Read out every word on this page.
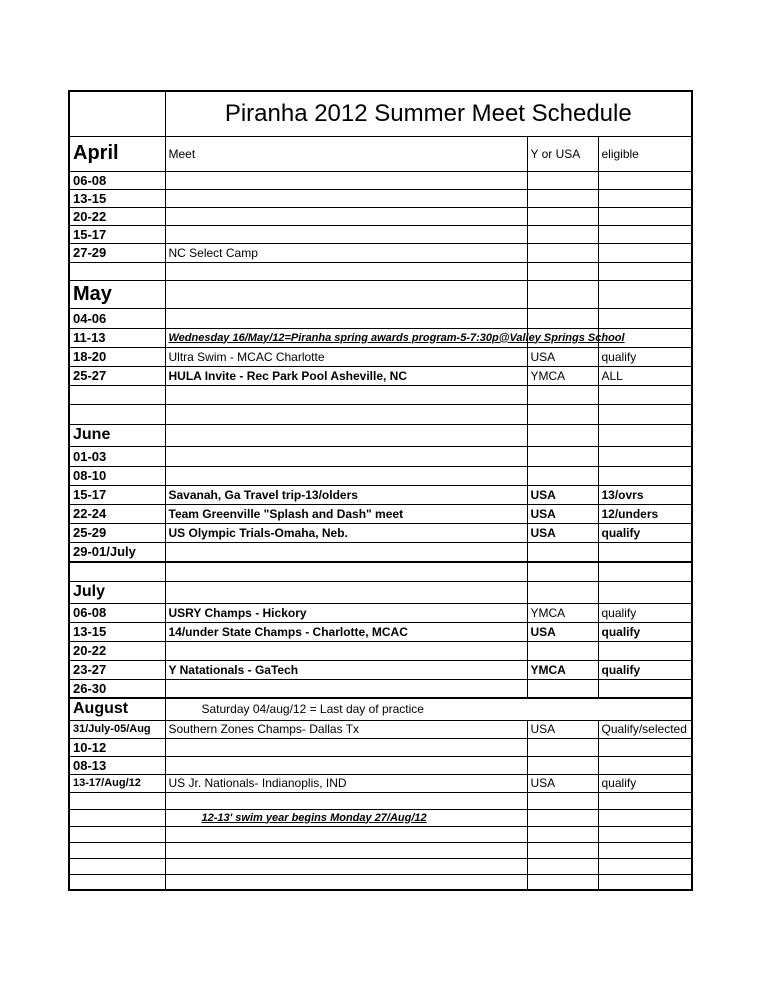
	Piranha 2012 Summer Meet Schedule		
April	Meet	Y or USA	eligible
06-08			
13-15			
20-22			
15-17			
27-29	NC Select Camp		

May			
04-06			
11-13	Wednesday 16/May/12=Piranha spring awards program-5-7:30p@Valley Springs School		
18-20	Ultra Swim - MCAC Charlotte	USA	qualify
25-27	HULA Invite - Rec Park Pool Asheville, NC	YMCA	ALL

June			
01-03			
08-10			
15-17	Savanah, Ga Travel trip-13/olders	USA	13/ovrs
22-24	Team Greenville "Splash and Dash" meet	USA	12/unders
25-29	US Olympic Trials-Omaha, Neb.	USA	qualify
29-01/July			

July			
06-08	USRY Champs - Hickory	YMCA	qualify
13-15	14/under State Champs - Charlotte, MCAC	USA	qualify
20-22			
23-27	Y Natationals - GaTech	YMCA	qualify
26-30			
August	Saturday 04/aug/12 = Last day of practice		
31/July-05/Aug	Southern Zones Champs- Dallas Tx	USA	Qualify/selected
10-12			
08-13			
13-17/Aug/12	US Jr. Nationals- Indianoplis, IND	USA	qualify

	12-13' swim year begins Monday 27/Aug/12		
